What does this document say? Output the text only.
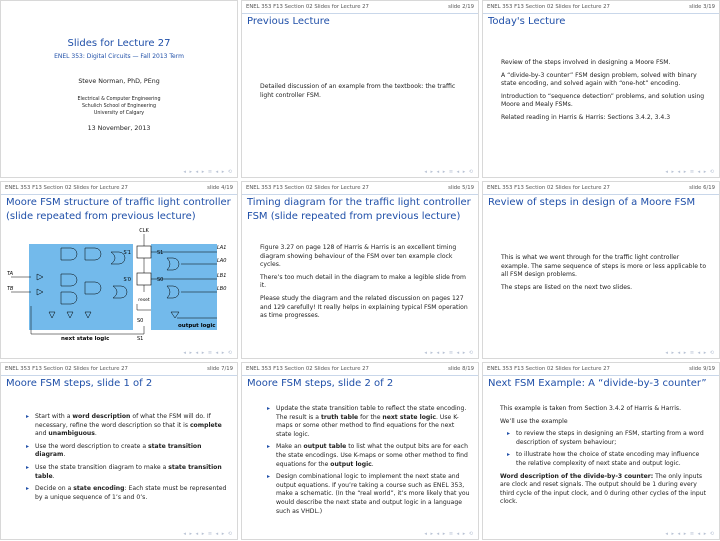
Slides for Lecture 27
ENEL 353: Digital Circuits — Fall 2013 Term
Steve Norman, PhD, PEng
Electrical & Computer Engineering
Schulich School of Engineering
University of Calgary
13 November, 2013
◂ ▸ ◂ ▸ ≡ ◂ ▸ ⟲
ENEL 353 F13 Section 02 Slides for Lecture 27	slide 2/19
Previous Lecture

Detailed discussion of an example from the textbook: the traffic light controller FSM.

◂ ▸ ◂ ▸ ≡ ◂ ▸ ⟲
ENEL 353 F13 Section 02 Slides for Lecture 27	slide 3/19
Today's Lecture

Review of the steps involved in designing a Moore FSM.

A “divide-by-3 counter” FSM design problem, solved with binary state encoding, and solved again with “one-hot” encoding.

Introduction to “sequence detection” problems, and solution using Moore and Mealy FSMs.

Related reading in Harris & Harris: Sections 3.4.2, 3.4.3

◂ ▸ ◂ ▸ ≡ ◂ ▸ ⟲
ENEL 353 F13 Section 02 Slides for Lecture 27	slide 4/19
Moore FSM structure of traffic light controller (slide repeated from previous lecture)
CLK
S′1	S1
S′0	S0
TA
TB
reset
LA1
LA0
LB1
LB0
S0
S1
output logic
next state logic
◂ ▸ ◂ ▸ ≡ ◂ ▸ ⟲
ENEL 353 F13 Section 02 Slides for Lecture 27	slide 5/19
Timing diagram for the traffic light controller FSM (slide repeated from previous lecture)

Figure 3.27 on page 128 of Harris & Harris is an excellent timing diagram showing behaviour of the FSM over ten example clock cycles.

There’s too much detail in the diagram to make a legible slide from it.

Please study the diagram and the related discussion on pages 127 and 129 carefully! It really helps in explaining typical FSM operation as time progresses.

◂ ▸ ◂ ▸ ≡ ◂ ▸ ⟲
ENEL 353 F13 Section 02 Slides for Lecture 27	slide 6/19
Review of steps in design of a Moore FSM

This is what we went through for the traffic light controller example. The same sequence of steps is more or less applicable to all FSM design problems.

The steps are listed on the next two slides.

◂ ▸ ◂ ▸ ≡ ◂ ▸ ⟲
ENEL 353 F13 Section 02 Slides for Lecture 27	slide 7/19
Moore FSM steps, slide 1 of 2
▸ Start with a word description of what the FSM will do. If necessary, refine the word description so that it is complete and unambiguous.
▸ Use the word description to create a state transition diagram.
▸ Use the state transition diagram to make a state transition table.
▸ Decide on a state encoding: Each state must be represented by a unique sequence of 1’s and 0’s.
◂ ▸ ◂ ▸ ≡ ◂ ▸ ⟲
ENEL 353 F13 Section 02 Slides for Lecture 27	slide 8/19
Moore FSM steps, slide 2 of 2
▸ Update the state transition table to reflect the state encoding. The result is a truth table for the next state logic. Use K-maps or some other method to find equations for the next state logic.
▸ Make an output table to list what the output bits are for each the state encodings. Use K-maps or some other method to find equations for the output logic.
▸ Design combinational logic to implement the next state and output equations. If you’re taking a course such as ENEL 353, make a schematic. (In the “real world”, it’s more likely that you would describe the next state and output logic in a language such as VHDL.)
◂ ▸ ◂ ▸ ≡ ◂ ▸ ⟲
ENEL 353 F13 Section 02 Slides for Lecture 27	slide 9/19
Next FSM Example: A “divide-by-3 counter”

This example is taken from Section 3.4.2 of Harris & Harris.

We’ll use the example

▸ to review the steps in designing an FSM, starting from a word description of system behaviour;
▸ to illustrate how the choice of state encoding may influence the relative complexity of next state and output logic.

Word description of the divide-by-3 counter: The only inputs are clock and reset signals. The output should be 1 during every third cycle of the input clock, and 0 during other cycles of the input clock.

◂ ▸ ◂ ▸ ≡ ◂ ▸ ⟲
